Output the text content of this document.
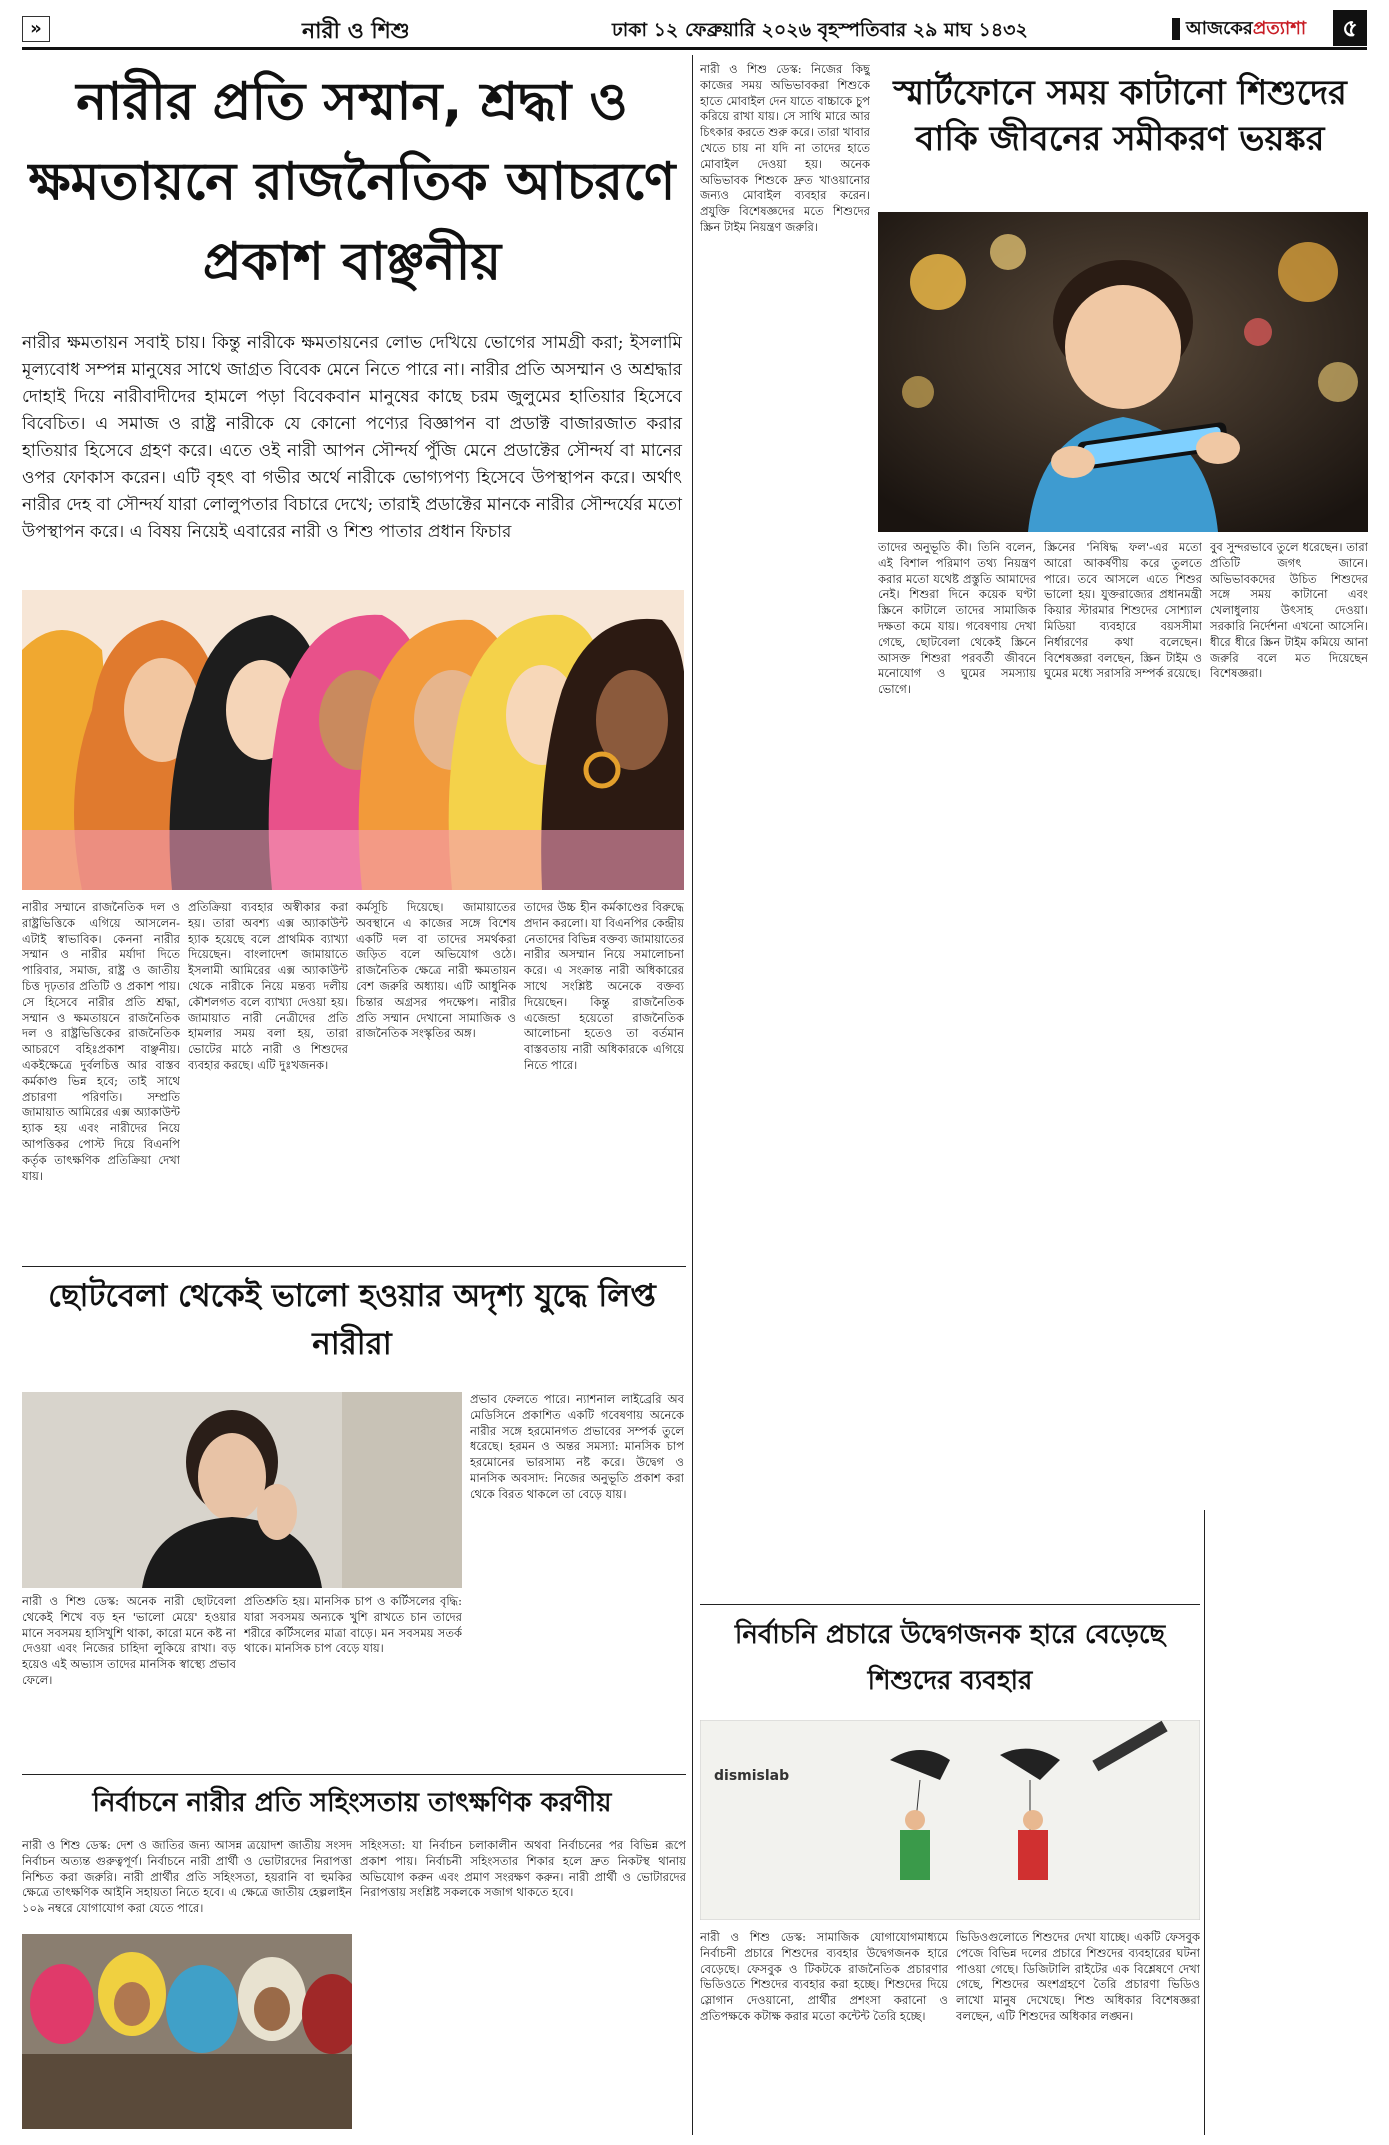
»	নারী ও শিশু	ঢাকা ১২ ফেব্রুয়ারি ২০২৬ বৃহস্পতিবার ২৯ মাঘ ১৪৩২	আজকেরপ্রত্যাশা	৫
নারীর প্রতি সম্মান, শ্রদ্ধা ও ক্ষমতায়নে রাজনৈতিক আচরণে প্রকাশ বাঞ্ছনীয়
নারীর ক্ষমতায়ন সবাই চায়। কিন্তু নারীকে ক্ষমতায়নের লোভ দেখিয়ে ভোগের সামগ্রী করা; ইসলামি মূল্যবোধ সম্পন্ন মানুষের সাথে জাগ্রত বিবেক মেনে নিতে পারে না। নারীর প্রতি অসম্মান ও অশ্রদ্ধার দোহাই দিয়ে নারীবাদীদের হামলে পড়া বিবেকবান মানুষের কাছে চরম জুলুমের হাতিয়ার হিসেবে বিবেচিত। এ সমাজ ও রাষ্ট্র নারীকে যে কোনো পণ্যের বিজ্ঞাপন বা প্রডাক্ট বাজারজাত করার হাতিয়ার হিসেবে গ্রহণ করে। এতে ওই নারী আপন সৌন্দর্য পুঁজি মেনে প্রডাক্টের সৌন্দর্য বা মানের ওপর ফোকাস করেন। এটি বৃহৎ বা গভীর অর্থে নারীকে ভোগ্যপণ্য হিসেবে উপস্থাপন করে। অর্থাৎ নারীর দেহ বা সৌন্দর্য যারা লোলুপতার বিচারে দেখে; তারাই প্রডাক্টের মানকে নারীর সৌন্দর্যের মতো উপস্থাপন করে। এ বিষয় নিয়েই এবারের নারী ও শিশু পাতার প্রধান ফিচার
নারীর সম্মানে রাজনৈতিক দল ও রাষ্ট্রভিত্তিকে এগিয়ে আসলেন- এটাই স্বাভাবিক। কেননা নারীর সম্মান ও নারীর মর্যাদা দিতে পারিবার, সমাজ, রাষ্ট্র ও জাতীয় চিত্ত দৃঢ়তার প্রতিটি ও প্রকাশ পায়। সে হিসেবে নারীর প্রতি শ্রদ্ধা, সম্মান ও ক্ষমতায়নে রাজনৈতিক দল ও রাষ্ট্রভিত্তিকের রাজনৈতিক আচরণে বহিঃপ্রকাশ বাঞ্ছনীয়। একইক্ষেত্রে দুর্বলচিত্ত আর বাস্তব কর্মকাণ্ড ভিন্ন হবে; তাই সাথে প্রচারণা পরিণতি। সম্প্রতি জামায়াত আমিরের এক্স অ্যাকাউন্ট হ্যাক হয় এবং নারীদের নিয়ে আপত্তিকর পোস্ট দিয়ে বিএনপি কর্তৃক তাৎক্ষণিক প্রতিক্রিয়া দেখা যায়।
প্রতিক্রিয়া ব্যবহার অস্বীকার করা হয়। তারা অবশ্য এক্স অ্যাকাউন্ট হ্যাক হয়েছে বলে প্রাথমিক ব্যাখ্যা দিয়েছেন। বাংলাদেশ জামায়াতে ইসলামী আমিরের এক্স অ্যাকাউন্ট থেকে নারীকে নিয়ে মন্তব্য দলীয় কৌশলগত বলে ব্যাখ্যা দেওয়া হয়। জামায়াত নারী নেত্রীদের প্রতি হামলার সময় বলা হয়, তারা ভোটের মাঠে নারী ও শিশুদের ব্যবহার করছে। এটি দুঃখজনক।
কর্মসূচি দিয়েছে। জামায়াতের অবস্থানে এ কাজের সঙ্গে বিশেষ একটি দল বা তাদের সমর্থকরা জড়িত বলে অভিযোগ ওঠে। রাজনৈতিক ক্ষেত্রে নারী ক্ষমতায়ন বেশ জরুরি অধ্যায়। এটি আধুনিক চিন্তার অগ্রসর পদক্ষেপ। নারীর প্রতি সম্মান দেখানো সামাজিক ও রাজনৈতিক সংস্কৃতির অঙ্গ।
তাদের উচ্চ হীন কর্মকাণ্ডের বিরুদ্ধে প্রদান করলো। যা বিএনপির কেন্দ্রীয় নেতাদের বিভিন্ন বক্তব্য জামায়াতের নারীর অসম্মান নিয়ে সমালোচনা করে। এ সংক্রান্ত নারী অধিকারের সাথে সংশ্লিষ্ট অনেকে বক্তব্য দিয়েছেন। কিন্তু রাজনৈতিক এজেন্ডা হয়েতো রাজনৈতিক আলোচনা হতেও তা বর্তমান বাস্তবতায় নারী অধিকারকে এগিয়ে নিতে পারে।
নারী ও শিশু ডেস্ক: নিজের কিছু কাজের সময় অভিভাবকরা শিশুকে হাতে মোবাইল দেন যাতে বাচ্চাকে চুপ করিয়ে রাখা যায়। সে সাথি মারে আর চিৎকার করতে শুরু করে। তারা খাবার খেতে চায় না যদি না তাদের হাতে মোবাইল দেওয়া হয়। অনেক অভিভাবক শিশুকে দ্রুত খাওয়ানোর জন্যও মোবাইল ব্যবহার করেন। প্রযুক্তি বিশেষজ্ঞদের মতে শিশুদের স্ক্রিন টাইম নিয়ন্ত্রণ জরুরি।
স্মার্টফোনে সময় কাটানো শিশুদের বাকি জীবনের সমীকরণ ভয়ঙ্কর
তাদের অনুভূতি কী। তিনি বলেন, এই বিশাল পরিমাণ তথ্য নিয়ন্ত্রণ করার মতো যথেষ্ট প্রস্তুতি আমাদের নেই। শিশুরা দিনে কয়েক ঘণ্টা স্ক্রিনে কাটালে তাদের সামাজিক দক্ষতা কমে যায়। গবেষণায় দেখা গেছে, ছোটবেলা থেকেই স্ক্রিনে আসক্ত শিশুরা পরবর্তী জীবনে মনোযোগ ও ঘুমের সমস্যায় ভোগে।
স্ক্রিনের 'নিষিদ্ধ ফল'-এর মতো আরো আকর্ষণীয় করে তুলতে পারে। তবে আসলে এতে শিশুর ভালো হয়। যুক্তরাজ্যের প্রধানমন্ত্রী কিয়ার স্টারমার শিশুদের সোশ্যাল মিডিয়া ব্যবহারে বয়সসীমা নির্ধারণের কথা বলেছেন। বিশেষজ্ঞরা বলছেন, স্ক্রিন টাইম ও ঘুমের মধ্যে সরাসরি সম্পর্ক রয়েছে।
বুব সুন্দরভাবে তুলে ধরেছেন। তারা প্রতিটি জগৎ জানে। অভিভাবকদের উচিত শিশুদের সঙ্গে সময় কাটানো এবং খেলাধুলায় উৎসাহ দেওয়া। সরকারি নির্দেশনা এখনো আসেনি। ধীরে ধীরে স্ক্রিন টাইম কমিয়ে আনা জরুরি বলে মত দিয়েছেন বিশেষজ্ঞরা।
ছোটবেলা থেকেই ভালো হওয়ার অদৃশ্য যুদ্ধে লিপ্ত নারীরা
প্রভাব ফেলতে পারে। ন্যাশনাল লাইব্রেরি অব মেডিসিনে প্রকাশিত একটি গবেষণায় অনেকে নারীর সঙ্গে হরমোনগত প্রভাবের সম্পর্ক তুলে ধরেছে। হরমন ও অন্তর সমস্যা: মানসিক চাপ হরমোনের ভারসাম্য নষ্ট করে। উদ্বেগ ও মানসিক অবসাদ: নিজের অনুভূতি প্রকাশ করা থেকে বিরত থাকলে তা বেড়ে যায়।
নারী ও শিশু ডেস্ক: অনেক নারী ছোটবেলা থেকেই শিখে বড় হন 'ভালো মেয়ে' হওয়ার মানে সবসময় হাসিখুশি থাকা, কারো মনে কষ্ট না দেওয়া এবং নিজের চাহিদা লুকিয়ে রাখা। বড় হয়েও এই অভ্যাস তাদের মানসিক স্বাস্থ্যে প্রভাব ফেলে।
প্রতিশ্রুতি হয়। মানসিক চাপ ও কর্টিসলের বৃদ্ধি: যারা সবসময় অন্যকে খুশি রাখতে চান তাদের শরীরে কর্টিসলের মাত্রা বাড়ে। মন সবসময় সতর্ক থাকে। মানসিক চাপ বেড়ে যায়।
নির্বাচনে নারীর প্রতি সহিংসতায় তাৎক্ষণিক করণীয়
নারী ও শিশু ডেস্ক: দেশ ও জাতির জন্য আসন্ন ত্রয়োদশ জাতীয় সংসদ নির্বাচন অত্যন্ত গুরুত্বপূর্ণ। নির্বাচনে নারী প্রার্থী ও ভোটারদের নিরাপত্তা নিশ্চিত করা জরুরি। নারী প্রার্থীর প্রতি সহিংসতা, হয়রানি বা হুমকির ক্ষেত্রে তাৎক্ষণিক আইনি সহায়তা নিতে হবে। এ ক্ষেত্রে জাতীয় হেল্পলাইন ১০৯ নম্বরে যোগাযোগ করা যেতে পারে।
সহিংসতা: যা নির্বাচন চলাকালীন অথবা নির্বাচনের পর বিভিন্ন রূপে প্রকাশ পায়। নির্বাচনী সহিংসতার শিকার হলে দ্রুত নিকটস্থ থানায় অভিযোগ করুন এবং প্রমাণ সংরক্ষণ করুন। নারী প্রার্থী ও ভোটারদের নিরাপত্তায় সংশ্লিষ্ট সকলকে সজাগ থাকতে হবে।
নির্বাচনি প্রচারে উদ্বেগজনক হারে বেড়েছে শিশুদের ব্যবহার
dismislab
নারী ও শিশু ডেস্ক: সামাজিক যোগাযোগমাধ্যমে নির্বাচনী প্রচারে শিশুদের ব্যবহার উদ্বেগজনক হারে বেড়েছে। ফেসবুক ও টিকটকে রাজনৈতিক প্রচারণার ভিডিওতে শিশুদের ব্যবহার করা হচ্ছে। শিশুদের দিয়ে স্লোগান দেওয়ানো, প্রার্থীর প্রশংসা করানো ও প্রতিপক্ষকে কটাক্ষ করার মতো কন্টেন্ট তৈরি হচ্ছে।
ভিডিওগুলোতে শিশুদের দেখা যাচ্ছে। একটি ফেসবুক পেজে বিভিন্ন দলের প্রচারে শিশুদের ব্যবহারের ঘটনা পাওয়া গেছে। ডিজিটালি রাইটের এক বিশ্লেষণে দেখা গেছে, শিশুদের অংশগ্রহণে তৈরি প্রচারণা ভিডিও লাখো মানুষ দেখেছে। শিশু অধিকার বিশেষজ্ঞরা বলছেন, এটি শিশুদের অধিকার লঙ্ঘন।
